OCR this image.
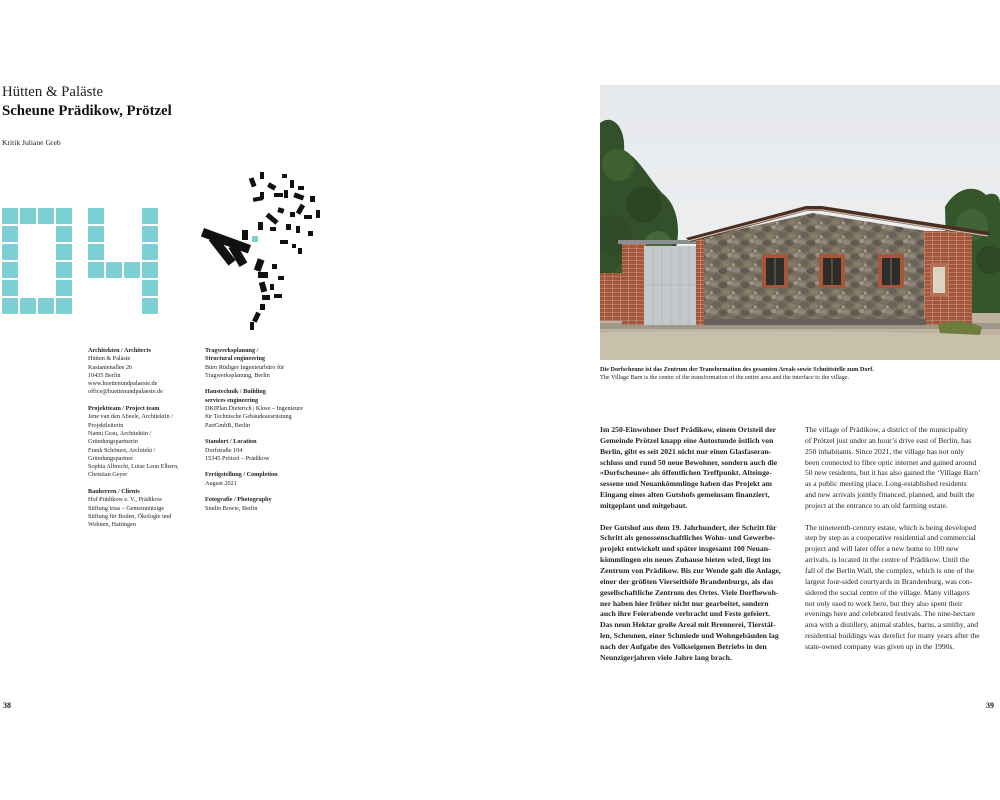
Hütten & Paläste
Scheune Prädikow, Prötzel
Kritik Juliane Greb
Architekten / Architects
Hütten & Paläste
Kastanienallee 26
10435 Berlin
www.huettenundpalaeste.de
office@huettenundpalaeste.de
Projektteam / Project team
Jene van den Abeele, Architektin /
Projektleiterin
Nanni Grau, Architektin /
Gründungspartnerin
Frank Schönert, Architekt /
Gründungspartner
Sophia Albrecht, Luise Leon Elbern,
Christian Geyer
Bauherren / Clients
Hof Prädikow e. V., Prädikow
Stiftung trias – Gemeinnützige
Stiftung für Boden, Ökologie und
Wohnen, Hattingen
Tragwerksplanung /
Structural engineering
Büro Rüdiger Ingenieurbüro für
Tragwerksplanung, Berlin
Haustechnik / Building
services engineering
DKIPlan Dieterich | Klose – Ingenieure
für Technische Gebäudeausrüstung
PartGmbB, Berlin
Standort / Location
Dorfstraße 104
15345 Prötzel – Prädikow
Fertigstellung / Completion
August 2021
Fotografie / Photography
Studio Bowie, Berlin
38
Die Dorfscheune ist das Zentrum der Transformation des gesamten Areals sowie Schnittstelle zum Dorf.
The Village Barn is the centre of the transformation of the entire area and the interface to the village.

Im 250-Einwohner Dorf Prädikow, einem Ortsteil der
Gemeinde Prötzel knapp eine Autostunde östlich von
Berlin, gibt es seit 2021 nicht nur einen Glasfaseran-
schluss und rund 50 neue Bewohner, sondern auch die
»Dorfscheune« als öffentlichen Treffpunkt. Alteinge-
sessene und Neuankömmlinge haben das Projekt am
Eingang eines alten Gutshofs gemeinsam finanziert,
mitgeplant und mitgebaut.

Der Gutshof aus dem 19. Jahrhundert, der Schritt für
Schritt als genossenschaftliches Wohn- und Gewerbe-
projekt entwickelt und später insgesamt 100 Neuan-
kömmlingen ein neues Zuhause bieten wird, liegt im
Zentrum von Prädikow. Bis zur Wende galt die Anlage,
einer der größten Vierseithöfe Brandenburgs, als das
gesellschaftliche Zentrum des Ortes. Viele Dorfbewoh-
ner haben hier früher nicht nur gearbeitet, sondern
auch ihre Feierabende verbracht und Feste gefeiert.
Das neun Hektar große Areal mit Brennerei, Tierstäl-
len, Scheunen, einer Schmiede und Wohngebäuden lag
nach der Aufgabe des Volkseigenen Betriebs in den
Neunzigerjahren viele Jahre lang brach.

The village of Prädikow, a district of the municipality
of Prötzel just under an hour’s drive east of Berlin, has
250 inhabitants. Since 2021, the village has not only
been connected to fibre optic internet and gained around
50 new residents, but it has also gained the ‘Village Barn’
as a public meeting place. Long-established residents
and new arrivals jointly financed, planned, and built the
project at the entrance to an old farming estate.

The nineteenth-century estate, which is being developed
step by step as a cooperative residential and commercial
project and will later offer a new home to 100 new
arrivals, is located in the centre of Prädikow. Until the
fall of the Berlin Wall, the complex, which is one of the
largest four-sided courtyards in Brandenburg, was con-
sidered the social centre of the village. Many villagers
not only used to work here, but they also spent their
evenings here and celebrated festivals. The nine-hectare
area with a distillery, animal stables, barns, a smithy, and
residential buildings was derelict for many years after the
state-owned company was given up in the 1990s.

39
